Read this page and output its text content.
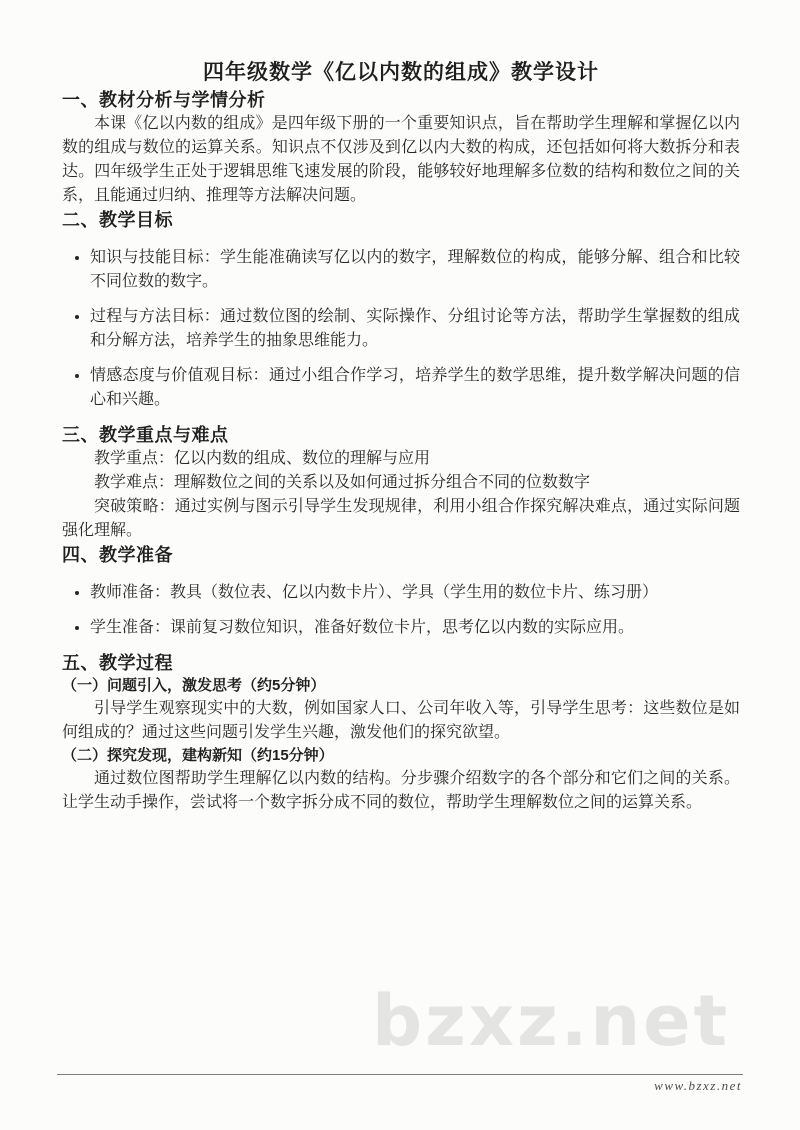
bzxz.net
四年级数学《亿以内数的组成》教学设计
一、教材分析与学情分析

本课《亿以内数的组成》是四年级下册的一个重要知识点，旨在帮助学生理解和掌握亿以内数的组成与数位的运算关系。知识点不仅涉及到亿以内大数的构成，还包括如何将大数拆分和表达。四年级学生正处于逻辑思维飞速发展的阶段，能够较好地理解多位数的结构和数位之间的关系，且能通过归纳、推理等方法解决问题。

二、教学目标
• 知识与技能目标：学生能准确读写亿以内的数字，理解数位的构成，能够分解、组合和比较不同位数的数字。
• 过程与方法目标：通过数位图的绘制、实际操作、分组讨论等方法，帮助学生掌握数的组成和分解方法，培养学生的抽象思维能力。
• 情感态度与价值观目标：通过小组合作学习，培养学生的数学思维，提升数学解决问题的信心和兴趣。
三、教学重点与难点

教学重点：亿以内数的组成、数位的理解与应用

教学难点：理解数位之间的关系以及如何通过拆分组合不同的位数数字

突破策略：通过实例与图示引导学生发现规律，利用小组合作探究解决难点，通过实际问题强化理解。

四、教学准备
• 教师准备：教具（数位表、亿以内数卡片）、学具（学生用的数位卡片、练习册）
• 学生准备：课前复习数位知识，准备好数位卡片，思考亿以内数的实际应用。
五、教学过程
（一）问题引入，激发思考（约5分钟）

引导学生观察现实中的大数，例如国家人口、公司年收入等，引导学生思考：这些数位是如何组成的？通过这些问题引发学生兴趣，激发他们的探究欲望。

（二）探究发现，建构新知（约15分钟）

通过数位图帮助学生理解亿以内数的结构。分步骤介绍数字的各个部分和它们之间的关系。让学生动手操作，尝试将一个数字拆分成不同的数位，帮助学生理解数位之间的运算关系。

www.bzxz.net
